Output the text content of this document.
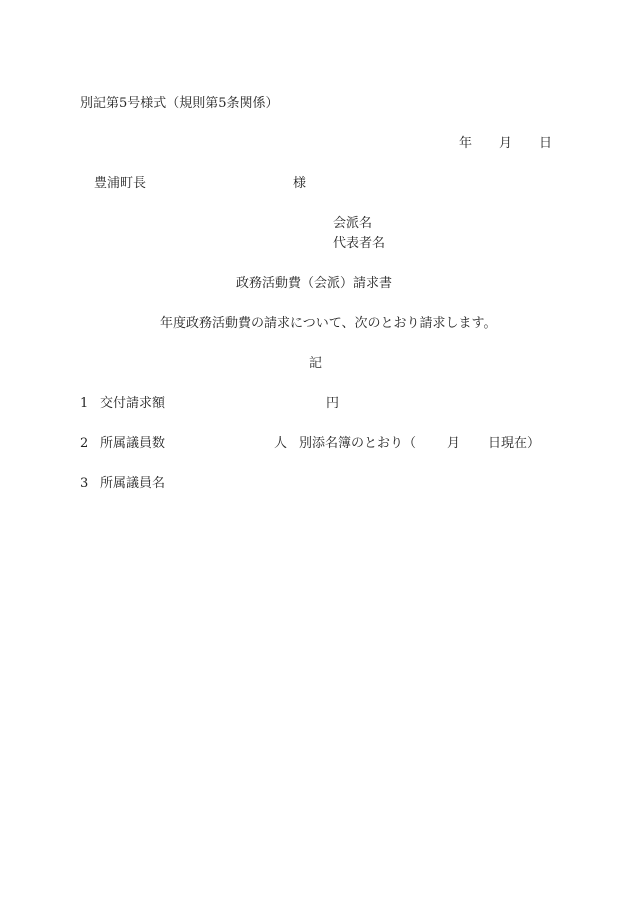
別記第5号様式（規則第5条関係）
年 月 日
豊浦町長	様
会派名
代表者名
政務活動費（会派）請求書
年度政務活動費の請求について、次のとおり請求します。
記
1 交付請求額	円
2 所属議員数	人 別添名簿のとおり（ 月 日現在）
3 所属議員名
